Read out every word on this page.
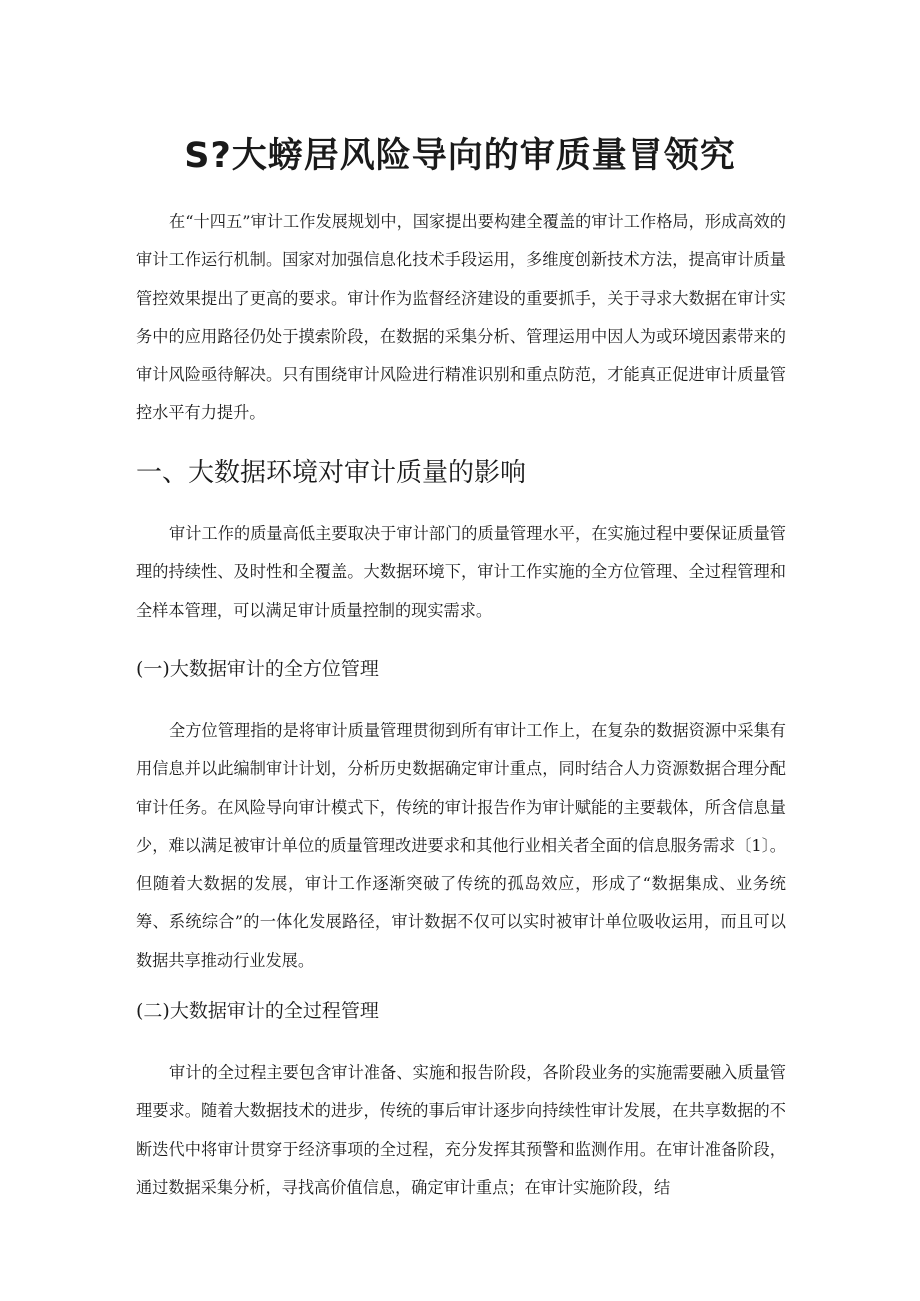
S?大螃居风险导向的审质量冒领究

在“十四五”审计工作发展规划中，国家提出要构建全覆盖的审计工作格局，形成高效的审计工作运行机制。国家对加强信息化技术手段运用，多维度创新技术方法，提高审计质量管控效果提出了更高的要求。审计作为监督经济建设的重要抓手，关于寻求大数据在审计实务中的应用路径仍处于摸索阶段，在数据的采集分析、管理运用中因人为或环境因素带来的审计风险亟待解决。只有围绕审计风险进行精准识别和重点防范，才能真正促进审计质量管控水平有力提升。

一、大数据环境对审计质量的影响

审计工作的质量高低主要取决于审计部门的质量管理水平，在实施过程中要保证质量管理的持续性、及时性和全覆盖。大数据环境下，审计工作实施的全方位管理、全过程管理和全样本管理，可以满足审计质量控制的现实需求。

(一)大数据审计的全方位管理

全方位管理指的是将审计质量管理贯彻到所有审计工作上，在复杂的数据资源中采集有用信息并以此编制审计计划，分析历史数据确定审计重点，同时结合人力资源数据合理分配审计任务。在风险导向审计模式下，传统的审计报告作为审计赋能的主要载体，所含信息量少，难以满足被审计单位的质量管理改进要求和其他行业相关者全面的信息服务需求〔1〕。但随着大数据的发展，审计工作逐渐突破了传统的孤岛效应，形成了“数据集成、业务统筹、系统综合”的一体化发展路径，审计数据不仅可以实时被审计单位吸收运用，而且可以数据共享推动行业发展。

(二)大数据审计的全过程管理

审计的全过程主要包含审计准备、实施和报告阶段，各阶段业务的实施需要融入质量管理要求。随着大数据技术的进步，传统的事后审计逐步向持续性审计发展，在共享数据的不断迭代中将审计贯穿于经济事项的全过程，充分发挥其预警和监测作用。在审计准备阶段，通过数据采集分析，寻找高价值信息，确定审计重点；在审计实施阶段，结
